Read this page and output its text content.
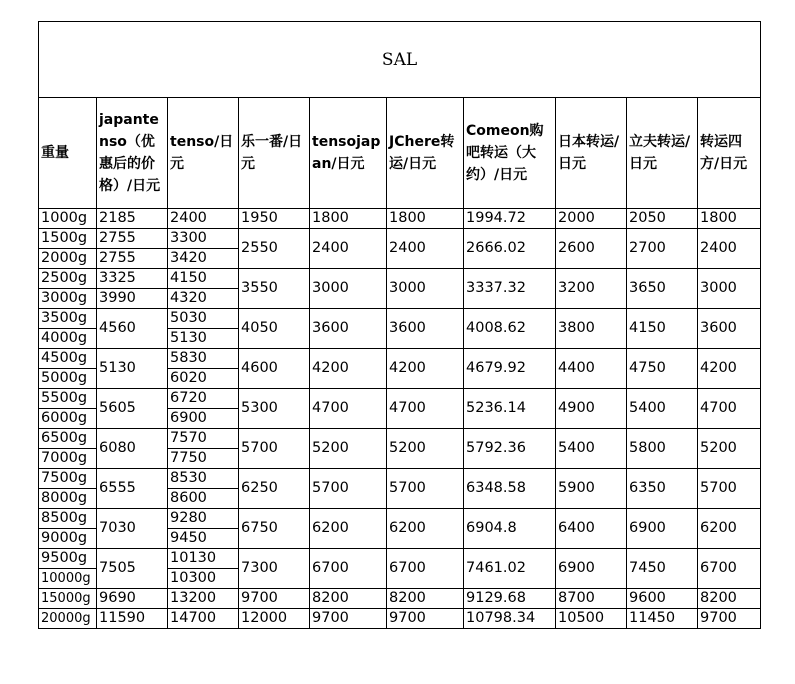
SAL									
重量	japantenso（优惠后的价格）/日元	tenso/日元	乐一番/日元	tensojapan/日元	JChere转运/日元	Comeon购吧转运（大约）/日元	日本转运/日元	立夫转运/日元	转运四方/日元
1000g	2185	2400	1950	1800	1800	1994.72	2000	2050	1800
1500g	2755	3300	2550	2400	2400	2666.02	2600	2700	2400
2000g	2755	3420							
2500g	3325	4150	3550	3000	3000	3337.32	3200	3650	3000
3000g	3990	4320							
3500g	4560	5030	4050	3600	3600	4008.62	3800	4150	3600
4000g		5130							
4500g	5130	5830	4600	4200	4200	4679.92	4400	4750	4200
5000g		6020							
5500g	5605	6720	5300	4700	4700	5236.14	4900	5400	4700
6000g		6900							
6500g	6080	7570	5700	5200	5200	5792.36	5400	5800	5200
7000g		7750							
7500g	6555	8530	6250	5700	5700	6348.58	5900	6350	5700
8000g		8600							
8500g	7030	9280	6750	6200	6200	6904.8	6400	6900	6200
9000g		9450							
9500g	7505	10130	7300	6700	6700	7461.02	6900	7450	6700
10000g		10300							
15000g	9690	13200	9700	8200	8200	9129.68	8700	9600	8200
20000g	11590	14700	12000	9700	9700	10798.34	10500	11450	9700
